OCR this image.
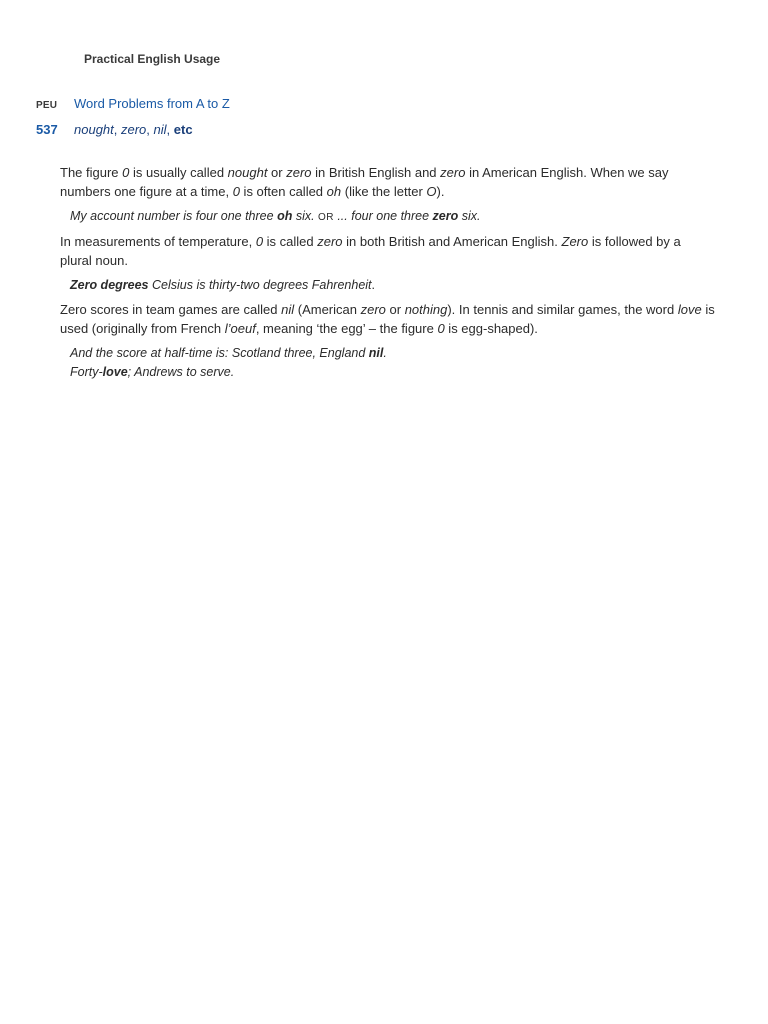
Practical English Usage
PEU	Word Problems from A to Z
537	nought, zero, nil, etc

The figure 0 is usually called nought or zero in British English and zero in American English. When we say numbers one figure at a time, 0 is often called oh (like the letter O).

My account number is four one three oh six. OR ... four one three zero six.

In measurements of temperature, 0 is called zero in both British and American English. Zero is followed by a plural noun.

Zero degrees Celsius is thirty-two degrees Fahrenheit.

Zero scores in team games are called nil (American zero or nothing). In tennis and similar games, the word love is used (originally from French l’oeuf, meaning ‘the egg’ – the figure 0 is egg-shaped).

And the score at half-time is: Scotland three, England nil.

Forty-love; Andrews to serve.
